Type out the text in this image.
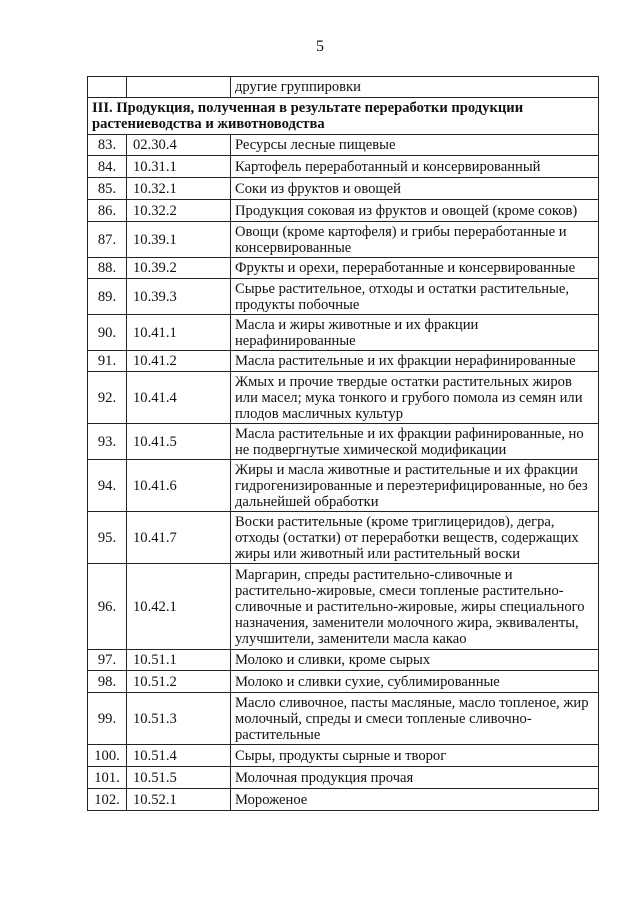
5
		другие группировки
III. Продукция, полученная в результате переработки продукции растениеводства и животноводства		
83.	02.30.4	Ресурсы лесные пищевые
84.	10.31.1	Картофель переработанный и консервированный
85.	10.32.1	Соки из фруктов и овощей
86.	10.32.2	Продукция соковая из фруктов и овощей (кроме соков)
87.	10.39.1	Овощи (кроме картофеля) и грибы переработанные и консервированные
88.	10.39.2	Фрукты и орехи, переработанные и консервированные
89.	10.39.3	Сырье растительное, отходы и остатки растительные, продукты побочные
90.	10.41.1	Масла и жиры животные и их фракции нерафинированные
91.	10.41.2	Масла растительные и их фракции нерафинированные
92.	10.41.4	Жмых и прочие твердые остатки растительных жиров или масел; мука тонкого и грубого помола из семян или плодов масличных культур
93.	10.41.5	Масла растительные и их фракции рафинированные, но не подвергнутые химической модификации
94.	10.41.6	Жиры и масла животные и растительные и их фракции гидрогенизированные и переэтерифицированные, но без дальнейшей обработки
95.	10.41.7	Воски растительные (кроме триглицеридов), дегра, отходы (остатки) от переработки веществ, содержащих жиры или животный или растительный воски
96.	10.42.1	Маргарин, спреды растительно-сливочные и растительно-жировые, смеси топленые растительно-сливочные и растительно-жировые, жиры специального назначения, заменители молочного жира, эквиваленты, улучшители, заменители масла какао
97.	10.51.1	Молоко и сливки, кроме сырых
98.	10.51.2	Молоко и сливки сухие, сублимированные
99.	10.51.3	Масло сливочное, пасты масляные, масло топленое, жир молочный, спреды и смеси топленые сливочно-растительные
100.	10.51.4	Сыры, продукты сырные и творог
101.	10.51.5	Молочная продукция прочая
102.	10.52.1	Мороженое
